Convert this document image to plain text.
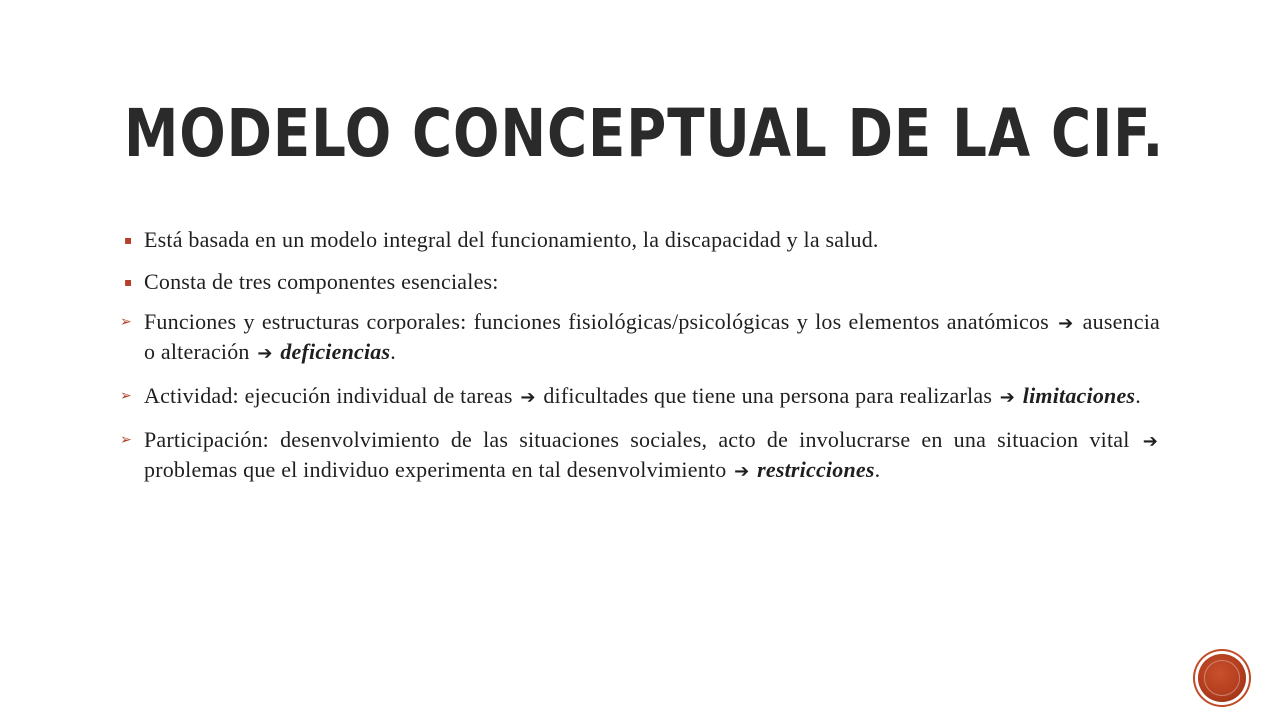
MODELO CONCEPTUAL DE LA CIF.

▪ Está basada en un modelo integral del funcionamiento, la discapacidad y la salud.

▪ Consta de tres componentes esenciales:

➢ Funciones y estructuras corporales: funciones fisiológicas/psicológicas y los elementos anatómicos ➔ ausencia o alteración ➔ deficiencias.

➢ Actividad: ejecución individual de tareas ➔ dificultades que tiene una persona para realizarlas ➔ limitaciones.

➢ Participación: desenvolvimiento de las situaciones sociales, acto de involucrarse en una situacion vital ➔ problemas que el individuo experimenta en tal desenvolvimiento ➔ restricciones.
